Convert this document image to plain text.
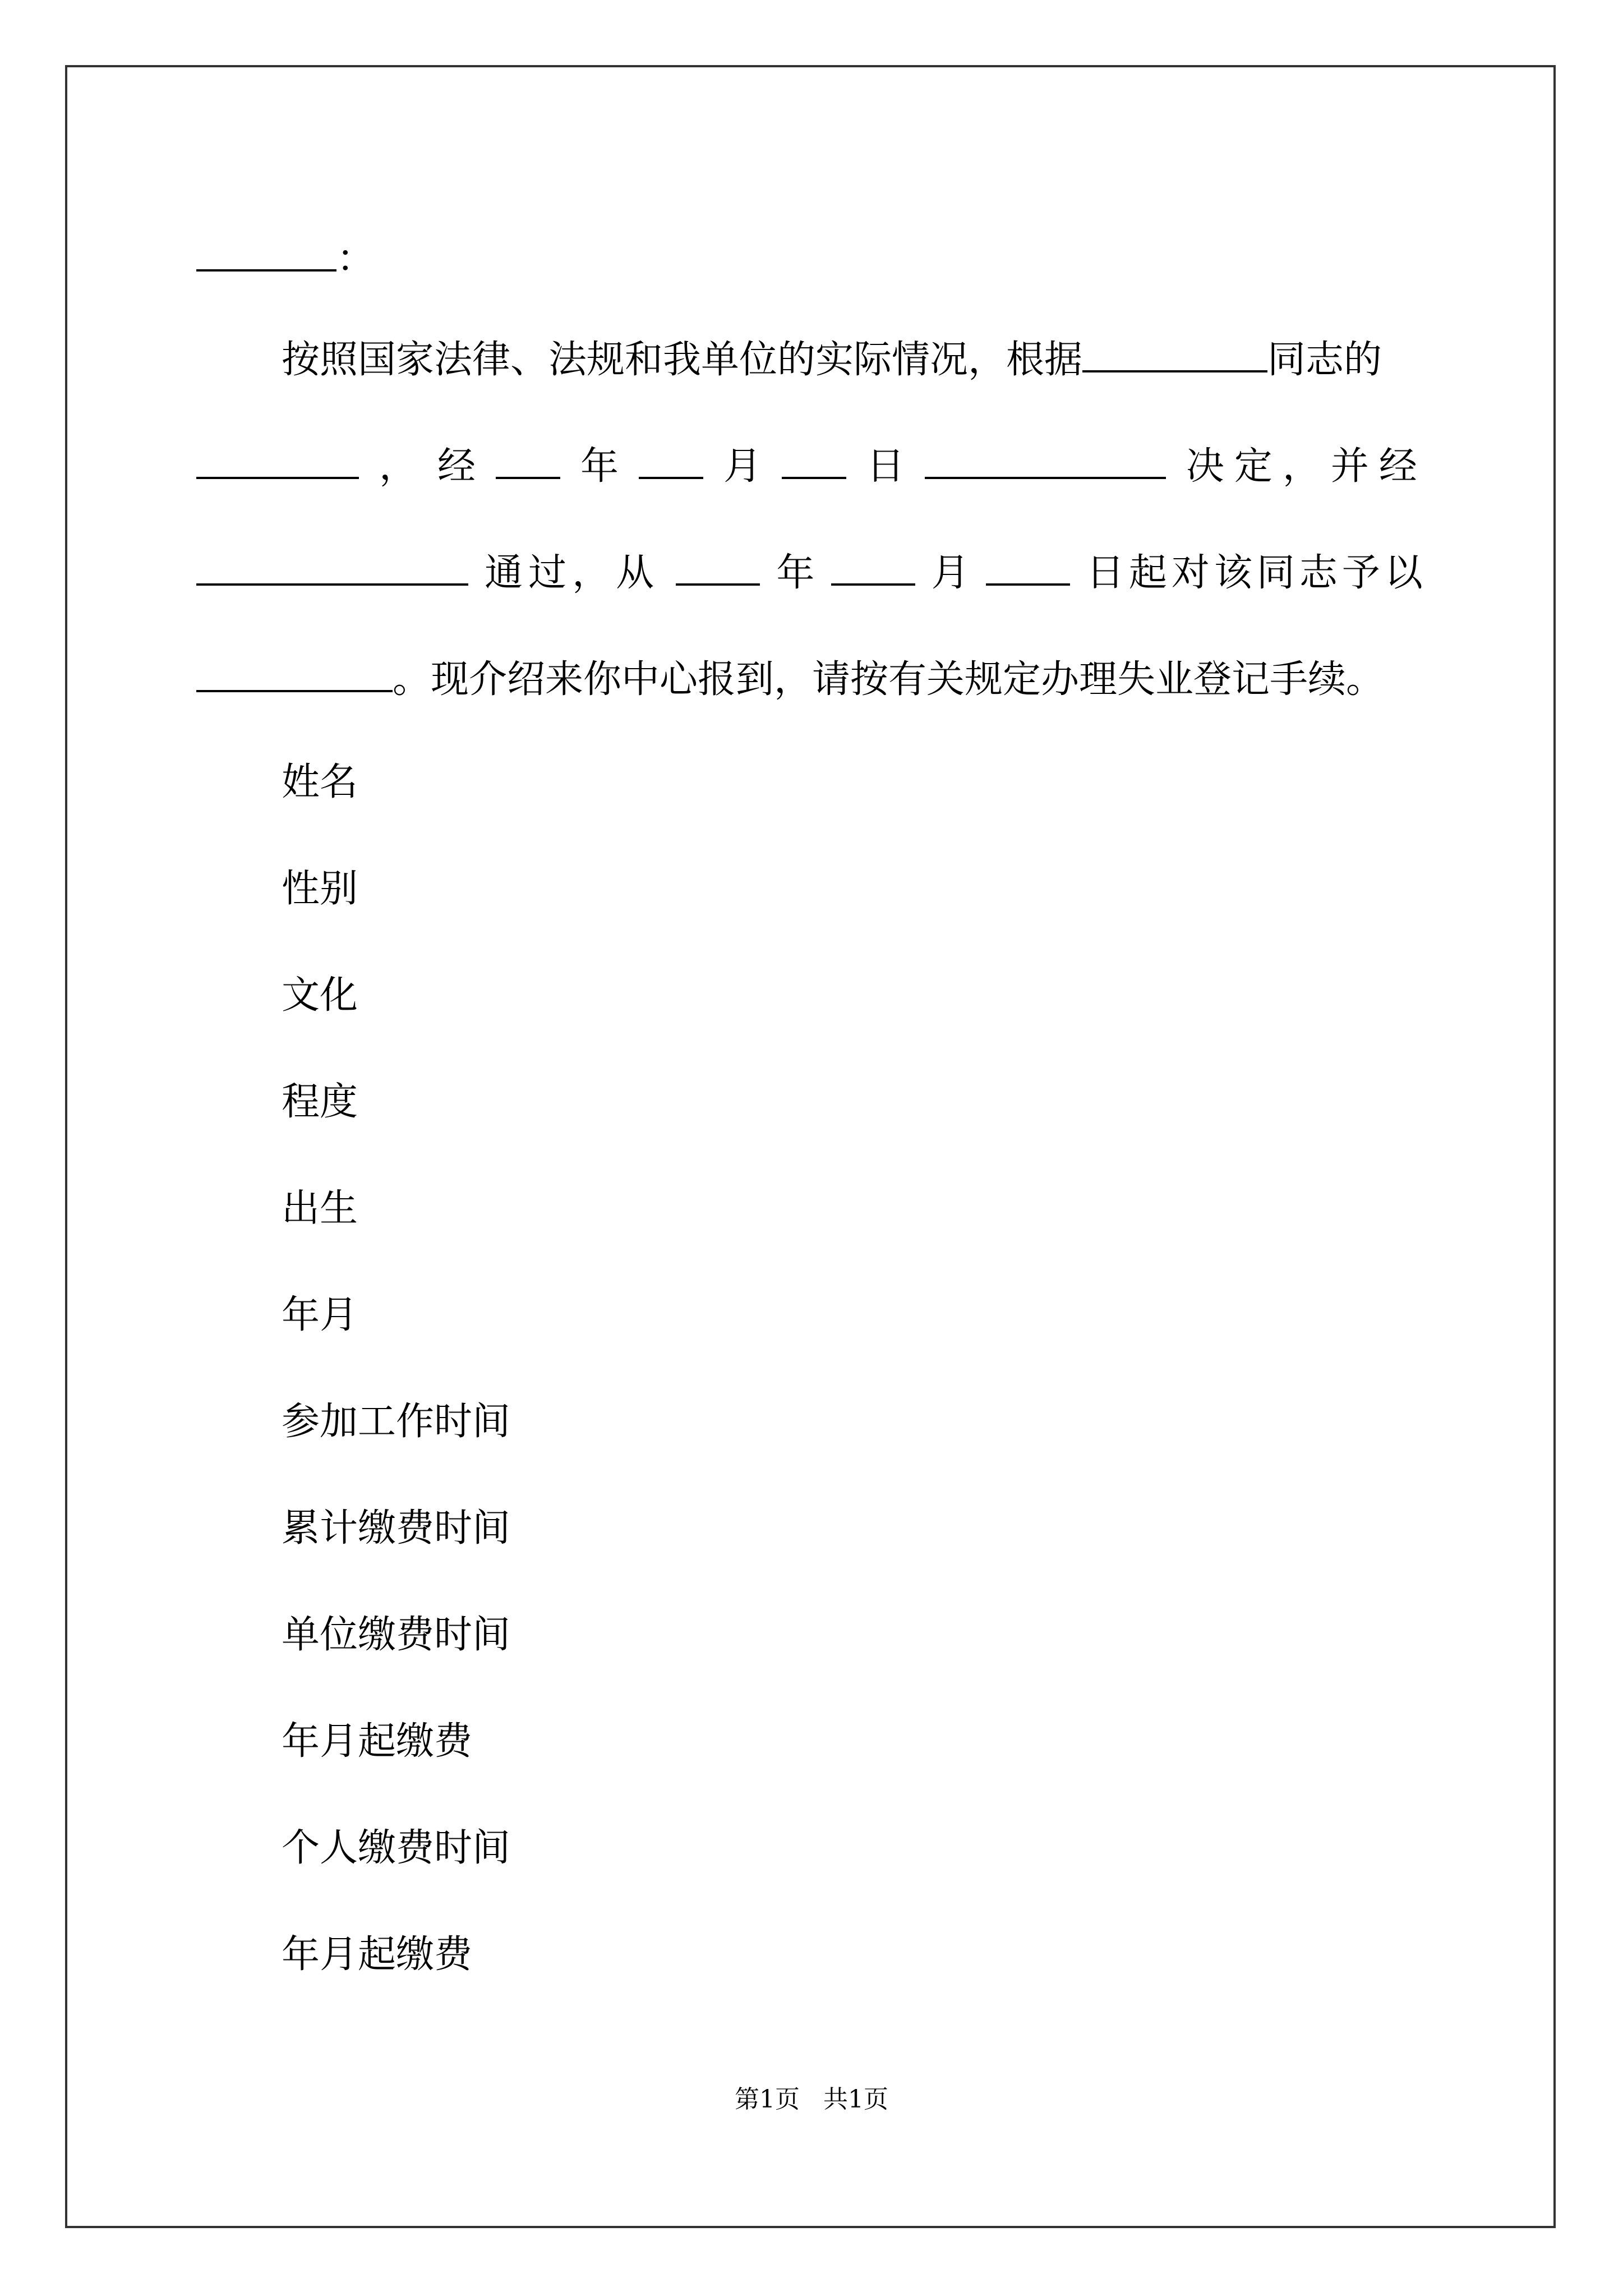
：
按照国家法律、法规和我单位的实际情况，根据	同志的
， 经	年	月	日	决定，并经
通过，从	年	月	日起对该同志予以
。现介绍来你中心报到，请按有关规定办理失业登记手续。
姓名
性别
文化
程度
出生
年月
参加工作时间
累计缴费时间
单位缴费时间
年月起缴费
个人缴费时间
年月起缴费
第1页 共1页
